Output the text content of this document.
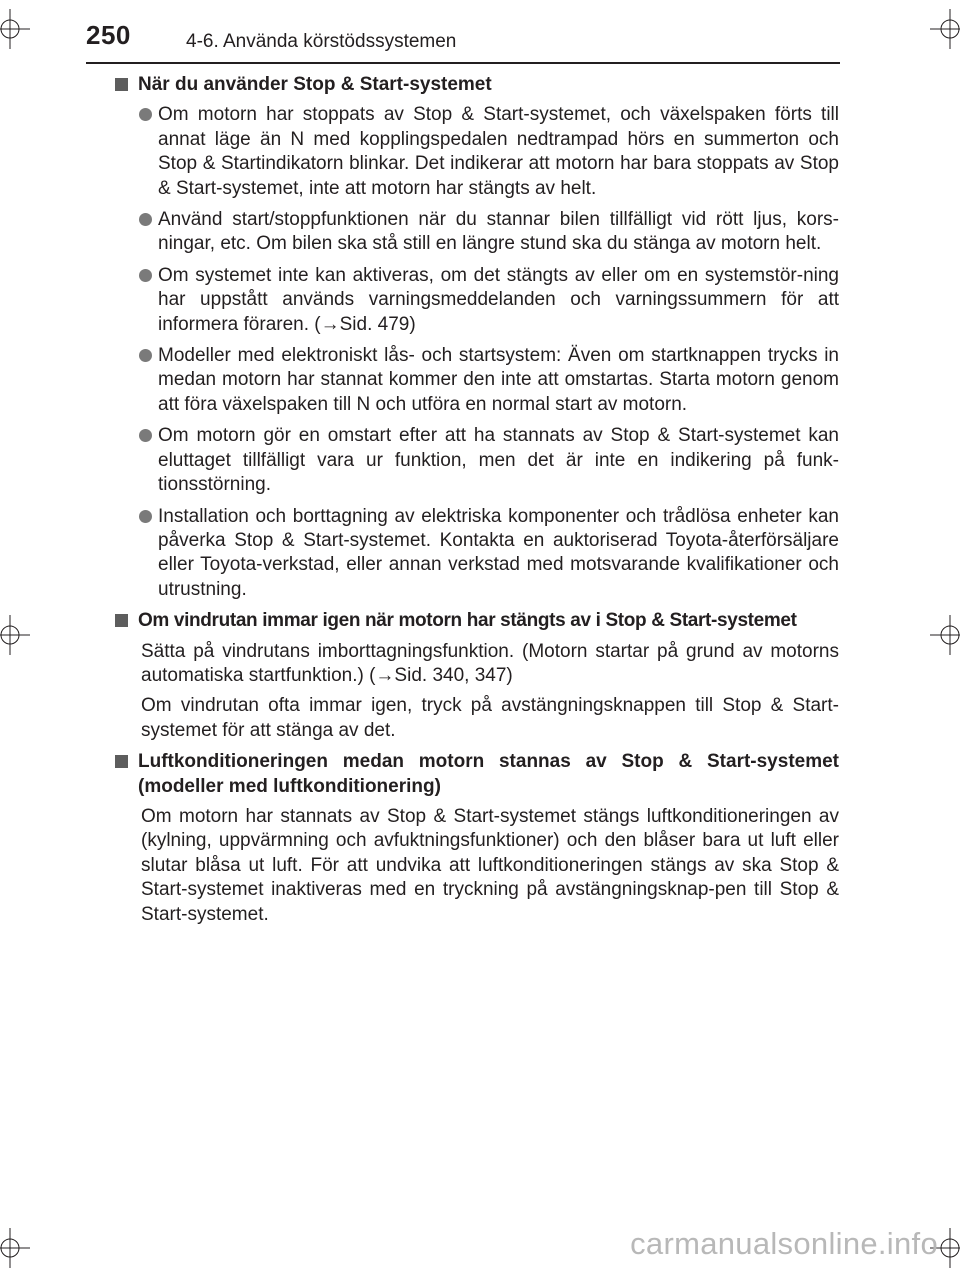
250	4-6. Använda körstödssystemen
När du använder Stop & Start-systemet
Om motorn har stoppats av Stop & Start-systemet, och växelspaken förts till annat läge än N med kopplingspedalen nedtrampad hörs en summerton och Stop & Startindikatorn blinkar. Det indikerar att motorn har bara stoppats av Stop & Start-systemet, inte att motorn har stängts av helt.
Använd start/stoppfunktionen när du stannar bilen tillfälligt vid rött ljus, kors-ningar, etc. Om bilen ska stå still en längre stund ska du stänga av motorn helt.
Om systemet inte kan aktiveras, om det stängts av eller om en systemstör-ning har uppstått används varningsmeddelanden och varningssummern för att informera föraren. (→Sid. 479)
Modeller med elektroniskt lås- och startsystem: Även om startknappen trycks in medan motorn har stannat kommer den inte att omstartas. Starta motorn genom att föra växelspaken till N och utföra en normal start av motorn.
Om motorn gör en omstart efter att ha stannats av Stop & Start-systemet kan eluttaget tillfälligt vara ur funktion, men det är inte en indikering på funk-tionsstörning.
Installation och borttagning av elektriska komponenter och trådlösa enheter kan påverka Stop & Start-systemet. Kontakta en auktoriserad Toyota-återförsäljare eller Toyota-verkstad, eller annan verkstad med motsvarande kvalifikationer och utrustning.
Om vindrutan immar igen när motorn har stängts av i Stop & Start-systemet
Sätta på vindrutans imborttagningsfunktion. (Motorn startar på grund av motorns automatiska startfunktion.) (→Sid. 340, 347)
Om vindrutan ofta immar igen, tryck på avstängningsknappen till Stop & Start-systemet för att stänga av det.
Luftkonditioneringen medan motorn stannas av Stop & Start-systemet (modeller med luftkonditionering)
Om motorn har stannats av Stop & Start-systemet stängs luftkonditioneringen av (kylning, uppvärmning och avfuktningsfunktioner) och den blåser bara ut luft eller slutar blåsa ut luft. För att undvika att luftkonditioneringen stängs av ska Stop & Start-systemet inaktiveras med en tryckning på avstängningsknap-pen till Stop & Start-systemet.
carmanualsonline.info
